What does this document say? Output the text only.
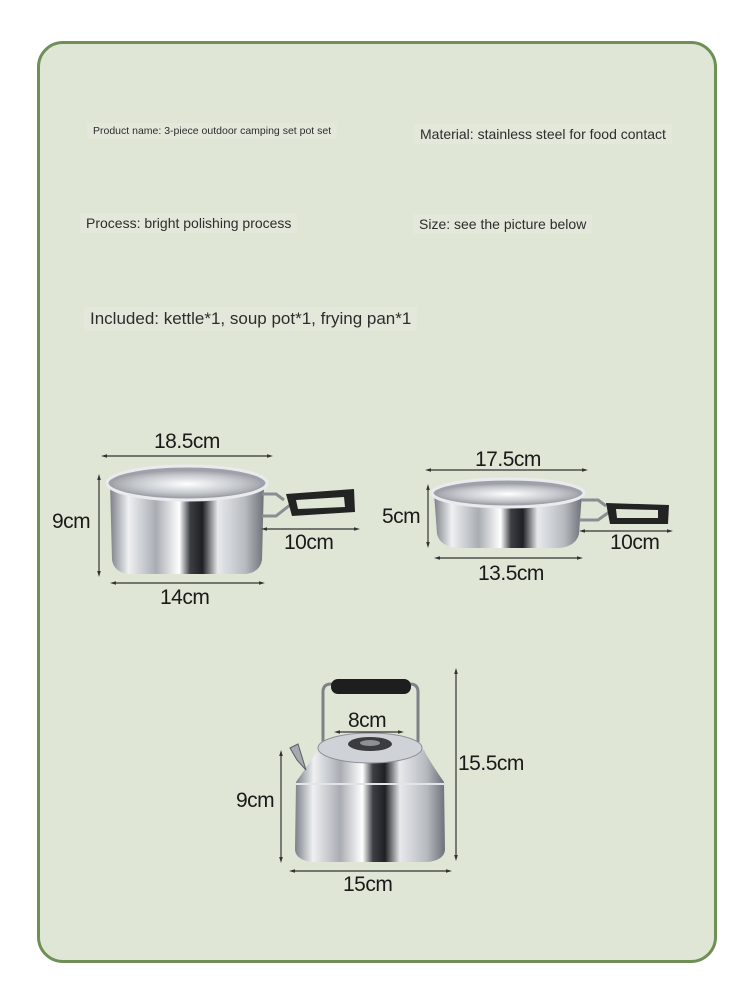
Product name: 3-piece outdoor camping set pot set	Material: stainless steel for food contact
Process: bright polishing process	Size: see the picture below
Included: kettle*1, soup pot*1, frying pan*1
18.5cm
9cm
10cm
14cm
17.5cm
5cm
10cm
13.5cm
8cm
9cm
15.5cm
15cm
